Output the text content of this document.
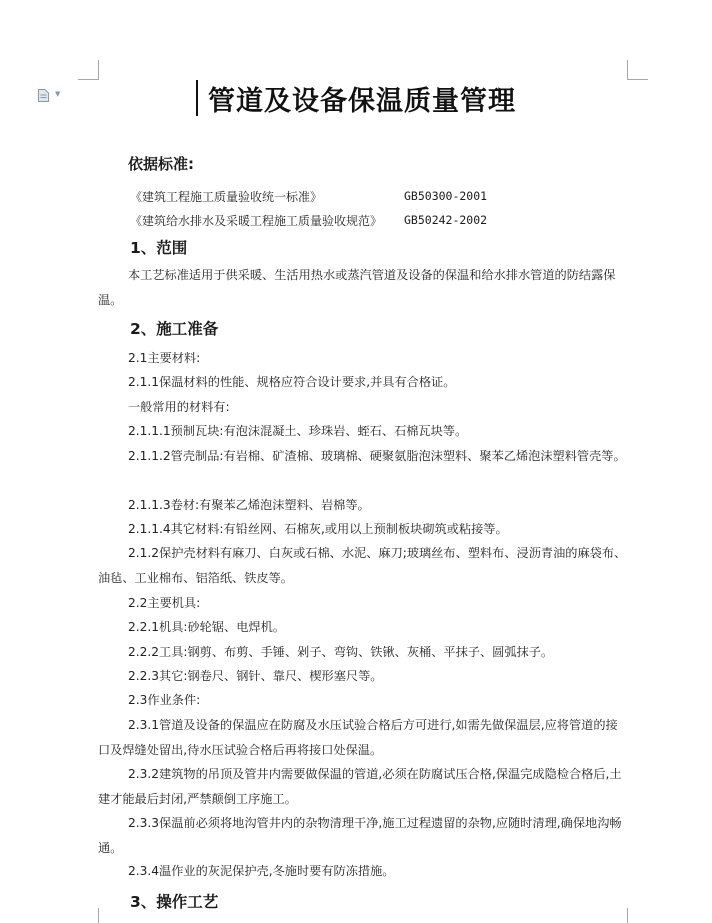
▼	管道及设备保温质量管理
依据标准:
《建筑工程施工质量验收统一标准》	GB50300-2001
《建筑给水排水及采暖工程施工质量验收规范》 GB50242-2002
1、范围
本工艺标准适用于供采暖、生活用热水或蒸汽管道及设备的保温和给水排水管道的防结露保温。
2、施工准备
2.1主要材料:
2.1.1保温材料的性能、规格应符合设计要求,并具有合格证。
一般常用的材料有:
2.1.1.1预制瓦块:有泡沫混凝土、珍珠岩、蛭石、石棉瓦块等。
2.1.1.2管壳制品:有岩棉、矿渣棉、玻璃棉、硬聚氨脂泡沫塑料、聚苯乙烯泡沫塑料管壳等。
2.1.1.3卷材:有聚苯乙烯泡沫塑料、岩棉等。
2.1.1.4其它材料:有铅丝网、石棉灰,或用以上预制板块砌筑或粘接等。
2.1.2保护壳材料有麻刀、白灰或石棉、水泥、麻刀;玻璃丝布、塑料布、浸沥青油的麻袋布、油毡、工业棉布、铝箔纸、铁皮等。
2.2主要机具:
2.2.1机具:砂轮锯、电焊机。
2.2.2工具:钢剪、布剪、手锤、剁子、弯钩、铁锹、灰桶、平抹子、圆弧抹子。
2.2.3其它:钢卷尺、钢针、靠尺、楔形塞尺等。
2.3作业条件:
2.3.1管道及设备的保温应在防腐及水压试验合格后方可进行,如需先做保温层,应将管道的接口及焊缝处留出,待水压试验合格后再将接口处保温。
2.3.2建筑物的吊顶及管井内需要做保温的管道,必须在防腐试压合格,保温完成隐检合格后,土建才能最后封闭,严禁颠倒工序施工。
2.3.3保温前必须将地沟管井内的杂物清理干净,施工过程遗留的杂物,应随时清理,确保地沟畅通。
2.3.4温作业的灰泥保护壳,冬施时要有防冻措施。
3、操作工艺
